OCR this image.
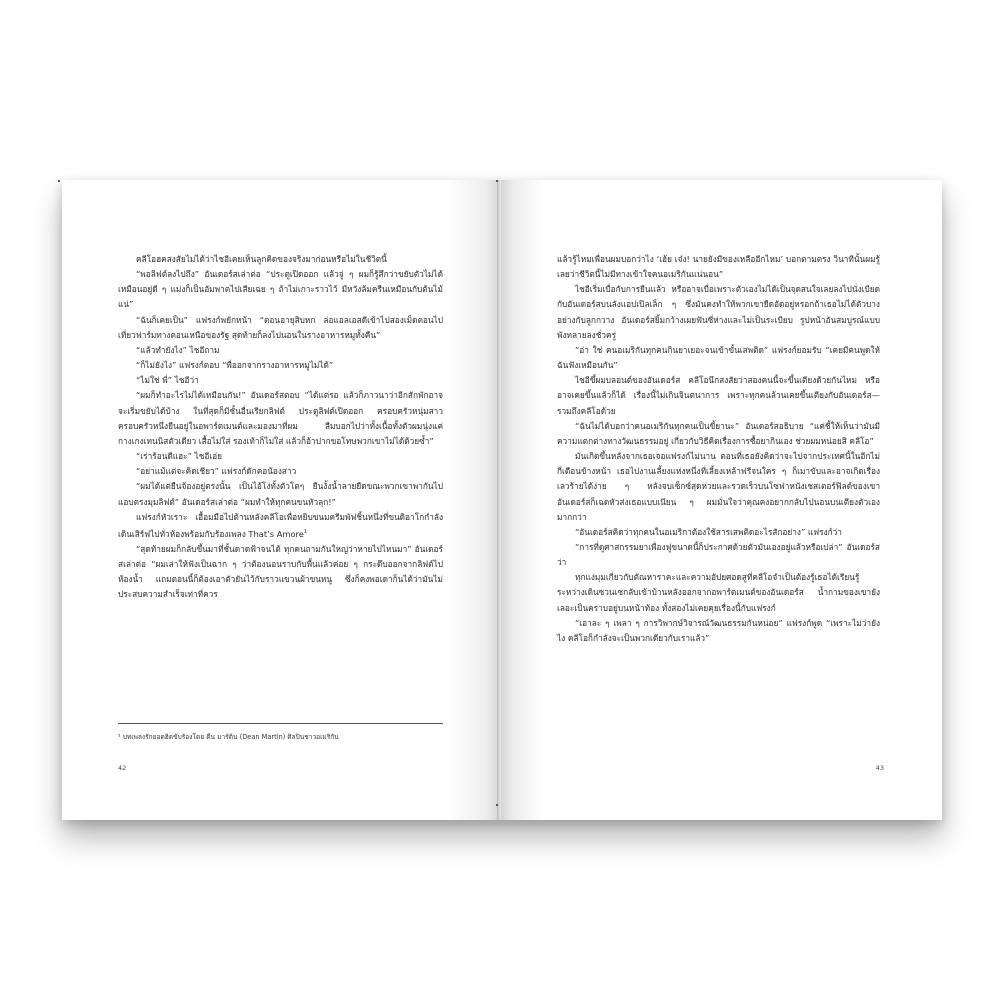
คลีโอฮคสงสัยไม่ได้ว่าไชอีเคยเห็นลูกคิดของจริงมาก่อนหรือไม่ในชีวิตนี้

“พอลิฟต์ลงไปถึง” อันเดอร์สเล่าต่อ “ประตูเปิดออก แล้วจู่ ๆ ผมก็รู้สึกว่าขยับตัวไม่ได้ เหมือนอยู่ดี ๆ แม่งก็เป็นอัมพาตไปเสียเฉย ๆ ถ้าไม่เกาะราวไว้ มีหวังล้มครืนเหมือนกับต้นไม้แน่”

“ฉันก็เคยเป็น” แฟรงก์พยักหน้า “ตอนอายุสิบหก ล่อแอลเอสดีเข้าไปสองเม็ดตอนไปเที่ยวฟาร์มทางตอนเหนือของรัฐ สุดท้ายก็ลงไปนอนในรางอาหารหมูทั้งคืน”

“แล้วทำยังไง” ไชอีถาม

“ก็ไม่ยังไง” แฟรงก์ตอบ “พื่ออกจากรางอาหารหมูไม่ได้”

“ไม่ใช่ พี่” ไชอีว่า

“ผมก็ทำอะไรไม่ได้เหมือนกัน!” อันเดอร์สตอบ “ได้แต่รอ แล้วก็ภาวนาว่าอีกสักพักอาจจะเริ่มขยับได้บ้าง ในที่สุดก็มีชั้นอื่นเรียกลิฟต์ ประตูลิฟต์เปิดออก ครอบครัวหนุ่มสาวครอบครัวหนึ่งยืนอยู่ในอพาร์ตเมนต์และมองมาที่ผม ลืมบอกไปว่าทั้งเนื้อทั้งตัวผมนุ่งแค่กางเกงเทนนิสตัวเดียว เสื้อไม่ใส่ รองเท้าก็ไม่ใส่ แล้วก็อ้าปากขอโทษพวกเขาไม่ได้ด้วยซ้ำ”

“เร่าร้อนดีแฮะ” ไชอีเอ่ย

“อย่าแม้แต่จะคิดเชียว” แฟรงก์ดักคอน้องสาว

“ผมได้แต่ยืนจ้องอยู่ตรงนั้น เป็นไอ้โง่ทั้งตัวโตๆ ยืนงั้งน้ำลายยืดขณะพวกเขาพากันไปแอบตรงมุมลิฟต์” อันเดอร์สเล่าต่อ “ผมทำให้ทุกคนขนหัวลุก!”

แฟรงก์หัวเราะ เอื้อมมือไปด้านหลังคลีโอเพื่อหยิบขนมครีมพัฟชิ้นหนึ่งที่ขนดิอาโกกำลังเดินเสิร์ฟไปทั่วห้องพร้อมกับร้องเพลง That’s Amore$^1$

“สุดท้ายผมก็กลับขึ้นมาที่ชั้นดาดฟ้าจนได้ ทุกคนถามกันใหญ่ว่าหายไปไหนมา” อันเดอร์สเล่าต่อ “ผมเล่าให้ฟังเป็นฉาก ๆ ว่าต้องนอนราบกับพื้นแล้วค่อย ๆ กระดึบออกจากลิฟต์ไปห้องน้ำ แถมตอนนี้ก็ต้องเอาตัวยันไว้กับราวแขวนผ้าขนหนู ซึ่งก็คงพอเดาก็นได้ว่ามันไม่ประสบความสำเร็จเท่าที่ควร

¹ บทเพลงรักยอดฮิตขับร้องโดย ดีน มาร์ติน (Dean Martin) ศิลปินชาวอเมริกัน
42

แล้วรู้ไหมเพื่อนผมบอกว่าไง ‘เฮ้ย เจ๋ง! นายยังมีของเหลืออีกไหม’ บอกตามตรง วินาทีนั้นผมรู้เลยว่าชีวิตนี้ไม่มีทางเข้าใจคนอเมริกันแน่นอน”

ไชอีเริ่มเบื่อกับการยืนแล้ว หรืออาจเบื่อเพราะตัวเองไม่ได้เป็นจุดสนใจเลยลงไปนั่งเบียดกับอันเดอร์สบนลังแอปเปิลเล็ก ๆ ซึ่งมันคงทำให้พวกเขายืดอัดอยู่หรอกถ้าเธอไม่ได้ตัวบางอย่างกับลูกกวาง อันเดอร์สยิ้มกว้างเผยฟันซี่ห่างและไม่เป็นระเบียบ รูปหน้าอันสมบูรณ์แบบพังทลายลงชั่วครู่

“อ่า ใช่ คนอเมริกันทุกคนกินยาเยอะจนเข้าขั้นเสพติด” แฟรงก์ยอมรับ “เคยมีคนพูดให้ฉันฟังเหมือนกัน”

ไชอีขึ้ผมบลอนด์ของอันเดอร์ส คลีโอนึกสงสัยว่าสองคนนี้จะขึ้นเตียงด้วยกันไหม หรืออาจเคยขึ้นแล้วก็ได้ เรื่องนี้ไม่เกินจินตนาการ เพราะทุกคนล้วนเคยขึ้นเตียงกับอันเดอร์ส—รวมถึงคลีโอด้วย

“ฉันไม่ได้บอกว่าคนอเมริกันทุกคนเป็นขี้ยานะ” อันเดอร์สอธิบาย “แค่ชี้ให้เห็นว่ามันมีความแตกต่างทางวัฒนธรรมอยู่ เกี่ยวกับวิธีคิดเรื่องการซื้อยากินเอง ช่วยผมหน่อยสิ คลีโอ”

มันเกิดขึ้นหลังจากเธอเจอแฟรงก์ไม่นาน ตอนที่เธอยังคิดว่าจะไปจากประเทศนี้ในอีกไม่กี่เดือนข้างหน้า เธอไปงานเลี้ยงแห่งหนึ่งที่เลี้ยงเหล้าฟรีจนใคร ๆ ก็เมาขับและอาจเกิดเรื่องเลวร้ายได้ง่าย ๆ หลังจบเซ็กซ์สุดห่วยและรวดเร็วบนโซฟาหนังเชสเตอร์ฟิลด์ของเขา อันเดอร์สก็เฉดหัวส่งเธอแบบเนียน ๆ ผมมั่นใจว่าคุณคงอยากกลับไปนอนบนเตียงตัวเองมากกว่า

“อันเดอร์สคิดว่าทุกคนในอเมริกาต้องใช้สารเสพติดอะไรสักอย่าง” แฟรงก์ว่า

“การที่ดูศาสกรรมยาเพื่องฟูขนาดนี้ก็ประกาศด้วยตัวมันเองอยู่แล้วหรือเปล่า” อันเดอร์สว่า

ทุกแง่มุมเกี่ยวกับตัณหาราคะและความอัปยศอดสูที่คลีโอจำเป็นต้องรู้เธอได้เรียนรู้ระหว่างเดินซวนเซกลับเข้าบ้านหลังออกจากอพาร์ตเมนต์ของอันเดอร์ส น้ำกามของเขายังเลอะเป็นคราบอยู่บนหน้าท้อง ทั้งสองไม่เคยคุยเรื่องนี้กับแฟรงก์

“เอาละ ๆ เพลา ๆ การวิพากษ์วิจารณ์วัฒนธรรมกันหน่อย” แฟรงก์พูด “เพราะไม่ว่ายังไง คลีโอก็กำลังจะเป็นพวกเดียวกับเราแล้ว”

43
